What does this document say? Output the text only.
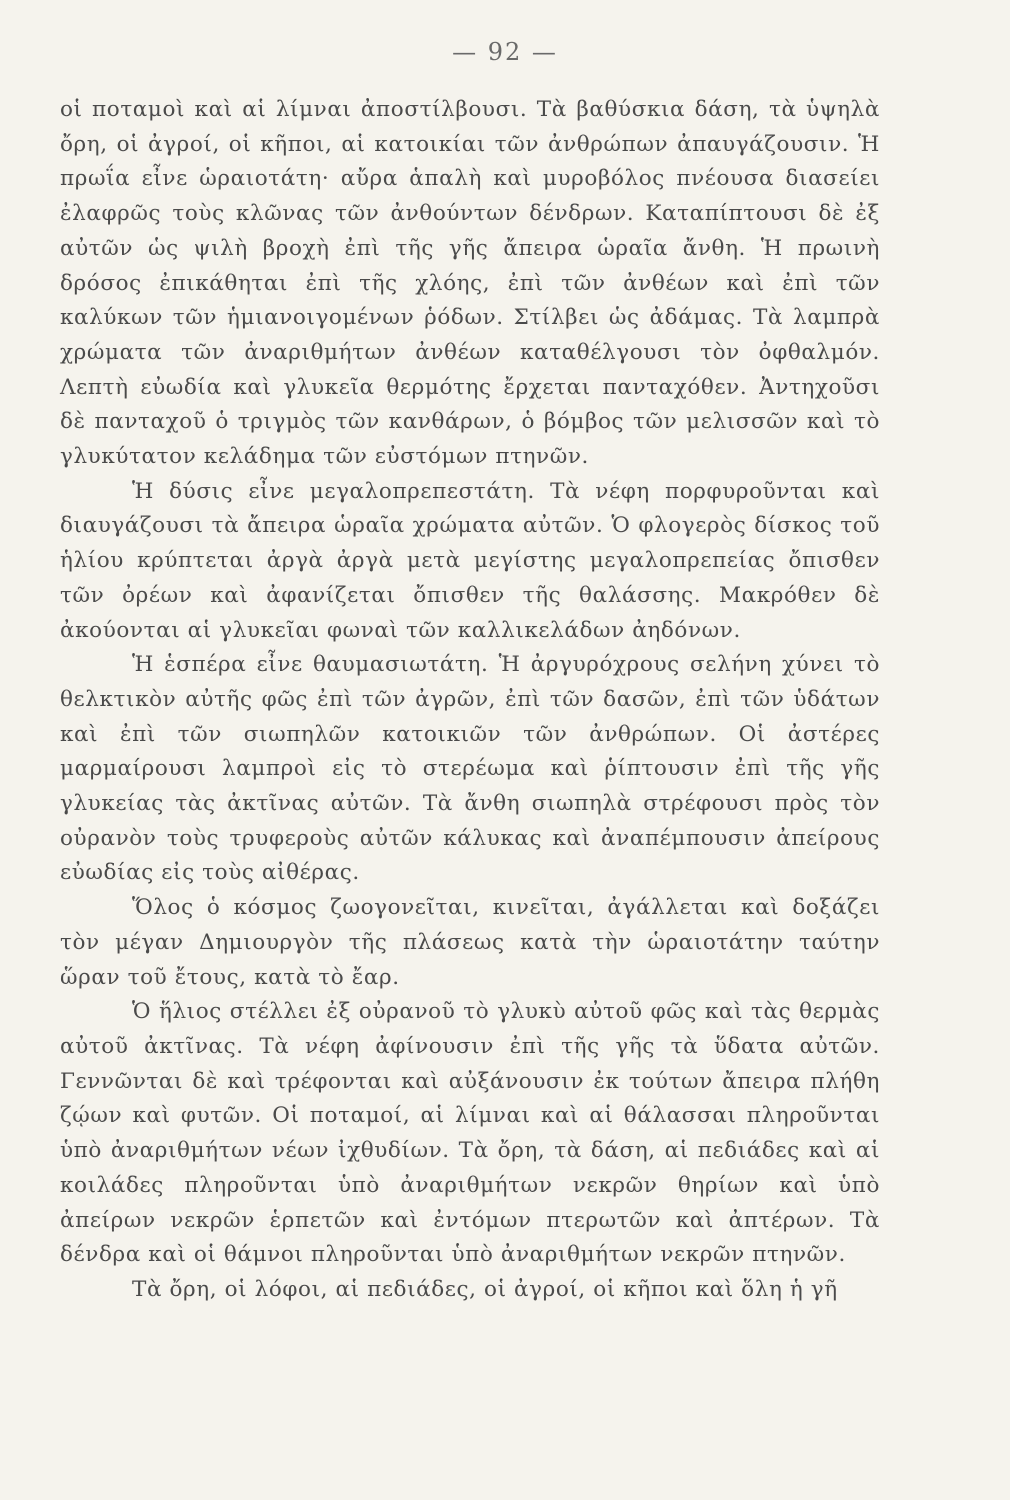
— 92 —

οἱ ποταμοὶ καὶ αἱ λίμναι ἀποστίλβουσι. Τὰ βαθύσκια δάση, τὰ ὑψηλὰ ὄρη, οἱ ἀγροί, οἱ κῆποι, αἱ κατοικίαι τῶν ἀνθρώπων ἀπαυγάζουσιν. Ἡ πρωΐα εἶνε ὡραιοτάτη· αὔρα ἁπαλὴ καὶ μυροβόλος πνέουσα διασείει ἐλαφρῶς τοὺς κλῶνας τῶν ἀνθούντων δένδρων. Καταπίπτουσι δὲ ἐξ αὐτῶν ὡς ψιλὴ βροχὴ ἐπὶ τῆς γῆς ἄπειρα ὡραῖα ἄνθη. Ἡ πρωινὴ δρόσος ἐπικάθηται ἐπὶ τῆς χλόης, ἐπὶ τῶν ἀνθέων καὶ ἐπὶ τῶν καλύκων τῶν ἡμιανοιγομένων ῥόδων. Στίλβει ὡς ἀδάμας. Τὰ λαμπρὰ χρώματα τῶν ἀναριθμήτων ἀνθέων καταθέλγουσι τὸν ὀφθαλμόν. Λεπτὴ εὐωδία καὶ γλυκεῖα θερμότης ἔρχεται πανταχόθεν. Ἀντηχοῦσι δὲ πανταχοῦ ὁ τριγμὸς τῶν κανθάρων, ὁ βόμβος τῶν μελισσῶν καὶ τὸ γλυκύτατον κελάδημα τῶν εὐστόμων πτηνῶν.

Ἡ δύσις εἶνε μεγαλοπρεπεστάτη. Τὰ νέφη πορφυροῦνται καὶ διαυγάζουσι τὰ ἄπειρα ὡραῖα χρώματα αὐτῶν. Ὁ φλογερὸς δίσκος τοῦ ἡλίου κρύπτεται ἀργὰ ἀργὰ μετὰ μεγίστης μεγαλοπρεπείας ὄπισθεν τῶν ὀρέων καὶ ἀφανίζεται ὄπισθεν τῆς θαλάσσης. Μακρόθεν δὲ ἀκούονται αἱ γλυκεῖαι φωναὶ τῶν καλλικελάδων ἀηδόνων.

Ἡ ἑσπέρα εἶνε θαυμασιωτάτη. Ἡ ἀργυρόχρους σελήνη χύνει τὸ θελκτικὸν αὐτῆς φῶς ἐπὶ τῶν ἀγρῶν, ἐπὶ τῶν δασῶν, ἐπὶ τῶν ὑδάτων καὶ ἐπὶ τῶν σιωπηλῶν κατοικιῶν τῶν ἀνθρώπων. Οἱ ἀστέρες μαρμαίρουσι λαμπροὶ εἰς τὸ στερέωμα καὶ ῥίπτουσιν ἐπὶ τῆς γῆς γλυκείας τὰς ἀκτῖνας αὐτῶν. Τὰ ἄνθη σιωπηλὰ στρέφουσι πρὸς τὸν οὐρανὸν τοὺς τρυφεροὺς αὐτῶν κάλυκας καὶ ἀναπέμπουσιν ἀπείρους εὐωδίας εἰς τοὺς αἰθέρας.

Ὅλος ὁ κόσμος ζωογονεῖται, κινεῖται, ἀγάλλεται καὶ δοξάζει τὸν μέγαν Δημιουργὸν τῆς πλάσεως κατὰ τὴν ὡραιοτάτην ταύτην ὥραν τοῦ ἔτους, κατὰ τὸ ἔαρ.

Ὁ ἥλιος στέλλει ἐξ οὐρανοῦ τὸ γλυκὺ αὐτοῦ φῶς καὶ τὰς θερμὰς αὐτοῦ ἀκτῖνας. Τὰ νέφη ἀφίνουσιν ἐπὶ τῆς γῆς τὰ ὕδατα αὐτῶν. Γεννῶνται δὲ καὶ τρέφονται καὶ αὐξάνουσιν ἐκ τούτων ἄπειρα πλήθη ζῴων καὶ φυτῶν. Οἱ ποταμοί, αἱ λίμναι καὶ αἱ θάλασσαι πληροῦνται ὑπὸ ἀναριθμήτων νέων ἰχθυδίων. Τὰ ὄρη, τὰ δάση, αἱ πεδιάδες καὶ αἱ κοιλάδες πληροῦνται ὑπὸ ἀναριθμήτων νεκρῶν θηρίων καὶ ὑπὸ ἀπείρων νεκρῶν ἑρπετῶν καὶ ἐντόμων πτερωτῶν καὶ ἀπτέρων. Τὰ δένδρα καὶ οἱ θάμνοι πληροῦνται ὑπὸ ἀναριθμήτων νεκρῶν πτηνῶν.

Τὰ ὄρη, οἱ λόφοι, αἱ πεδιάδες, οἱ ἀγροί, οἱ κῆποι καὶ ὅλη ἡ γῆ
